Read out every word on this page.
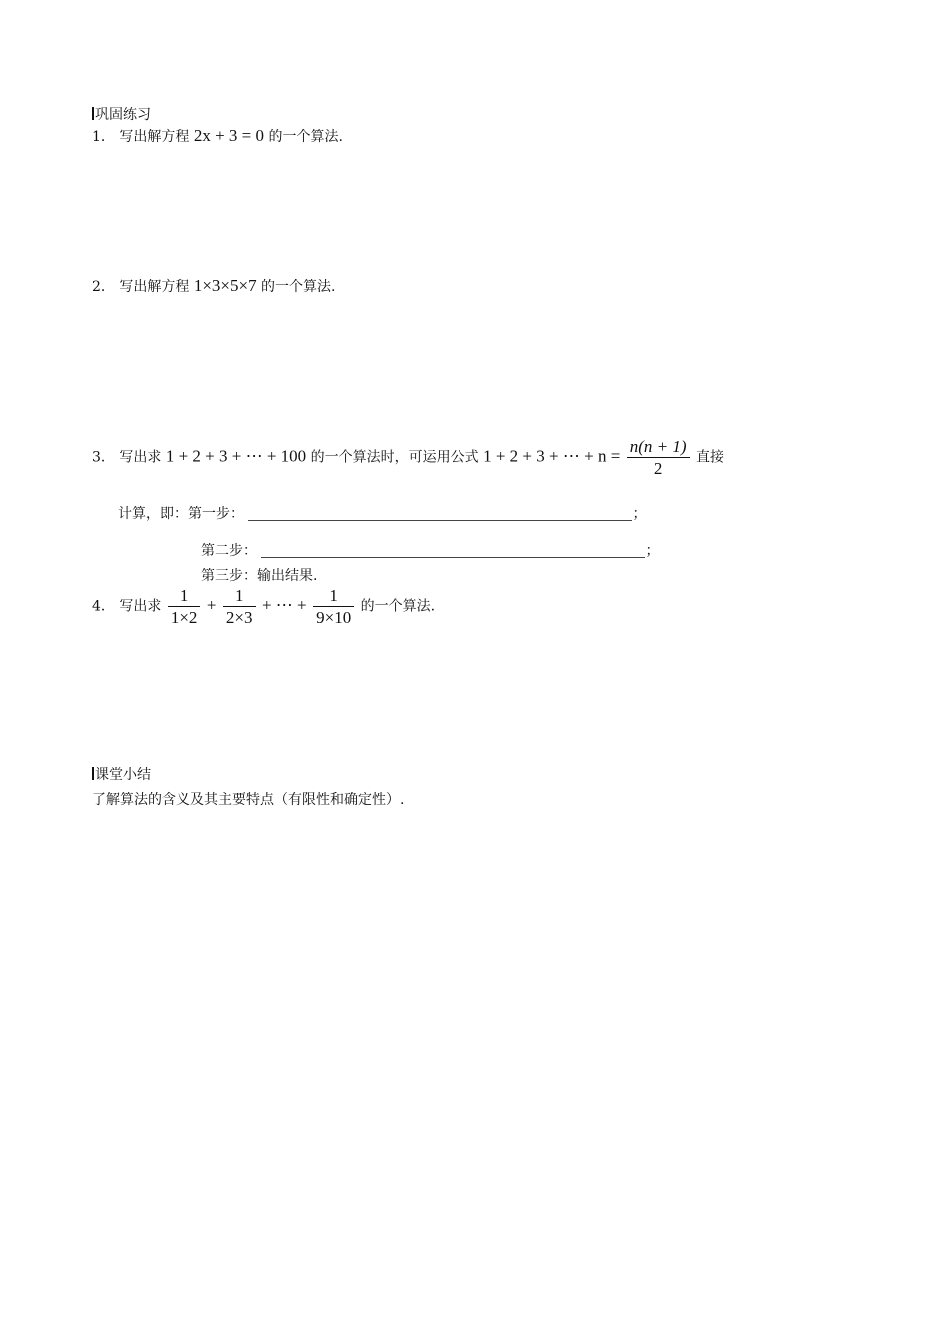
巩固练习
1． 写出解方程 2x + 3 = 0 的一个算法.
2． 写出解方程 1×3×5×7 的一个算法.
3． 写出求 1 + 2 + 3 + ⋯ + 100 的一个算法时，可运用公式 1 + 2 + 3 + ⋯ + $n = \frac{n(n + 1)}{2}$ 直接
计算，即：第一步：	；
第二步：	；
第三步：输出结果.
4． 写出求 $\frac{1}{1\times 2} + \frac{1}{2\times 3}$ + ⋯ + $\frac{1}{9\times 10}$ 的一个算法.
课堂小结
了解算法的含义及其主要特点（有限性和确定性）.
